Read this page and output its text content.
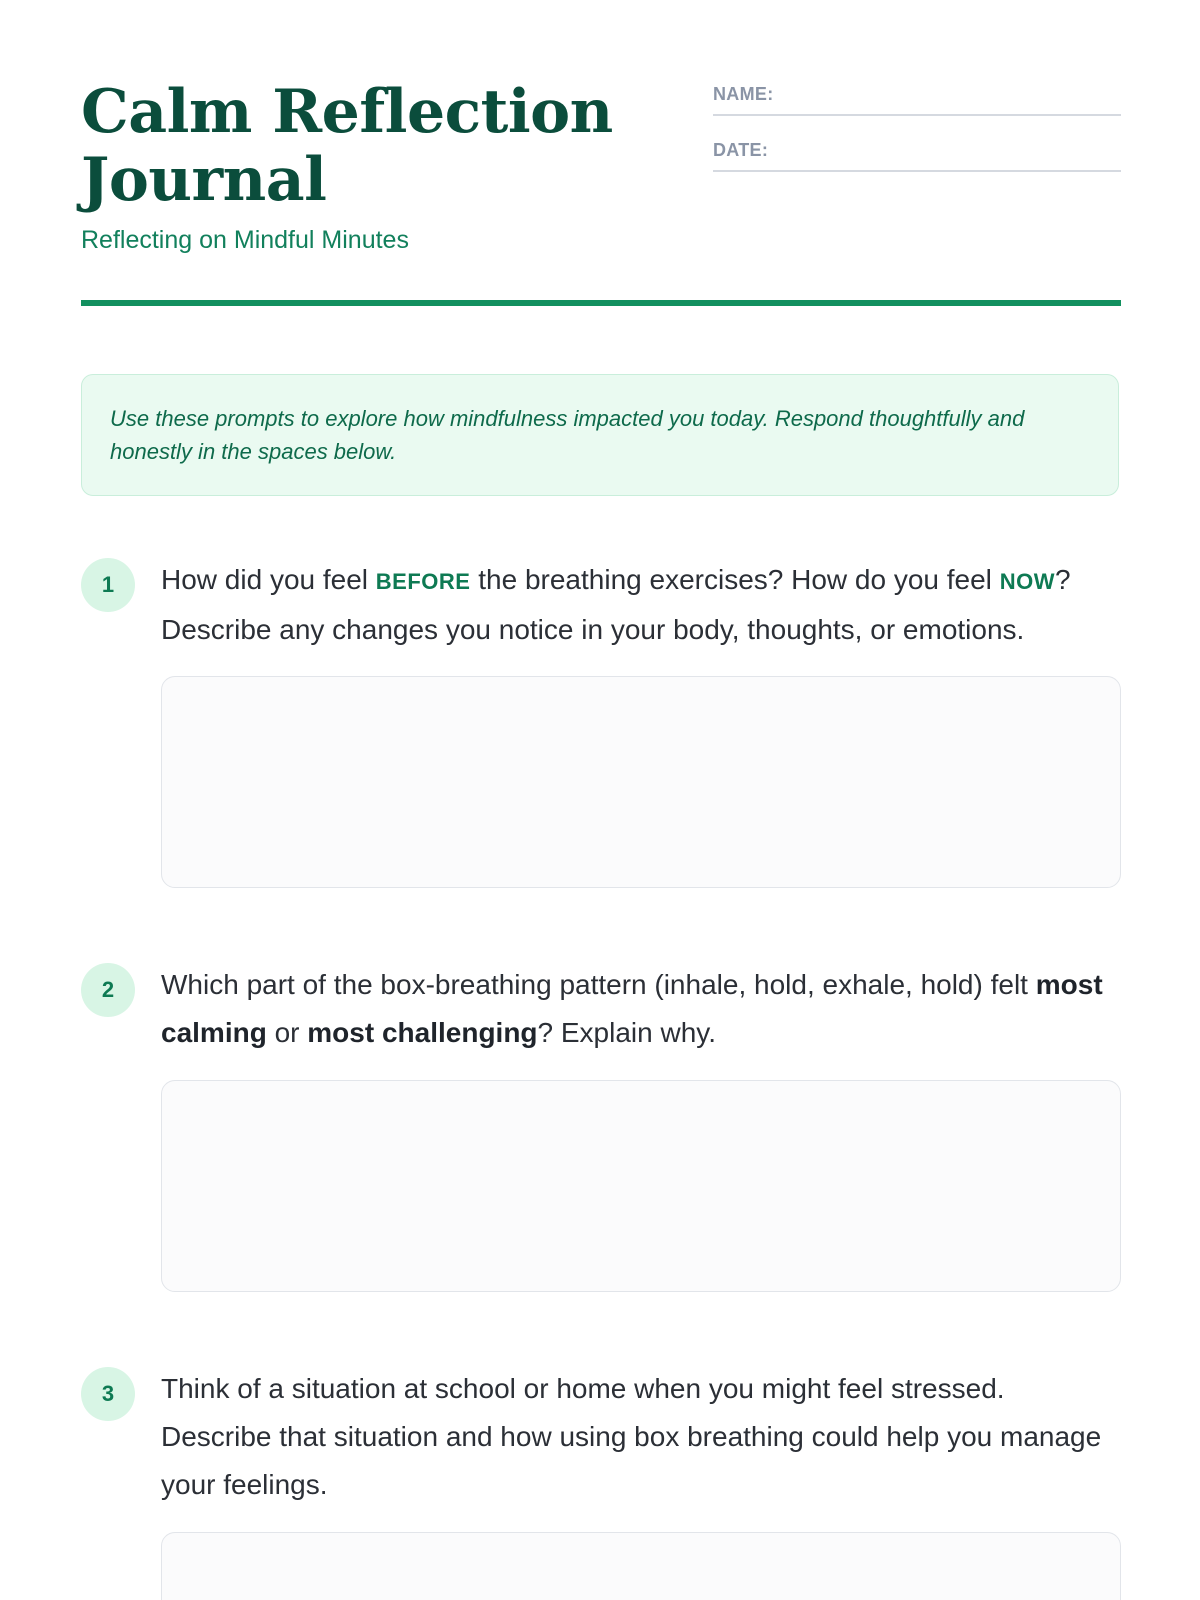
Calm Reflection Journal

Reflecting on Mindful Minutes

NAME:
DATE:

Use these prompts to explore how mindfulness impacted you today. Respond thoughtfully and honestly in the spaces below.

1	How did you feel BEFORE the breathing exercises? How do you feel NOW? Describe any changes you notice in your body, thoughts, or emotions.

2	Which part of the box-breathing pattern (inhale, hold, exhale, hold) felt most calming or most challenging? Explain why.

3	Think of a situation at school or home when you might feel stressed. Describe that situation and how using box breathing could help you manage your feelings.
